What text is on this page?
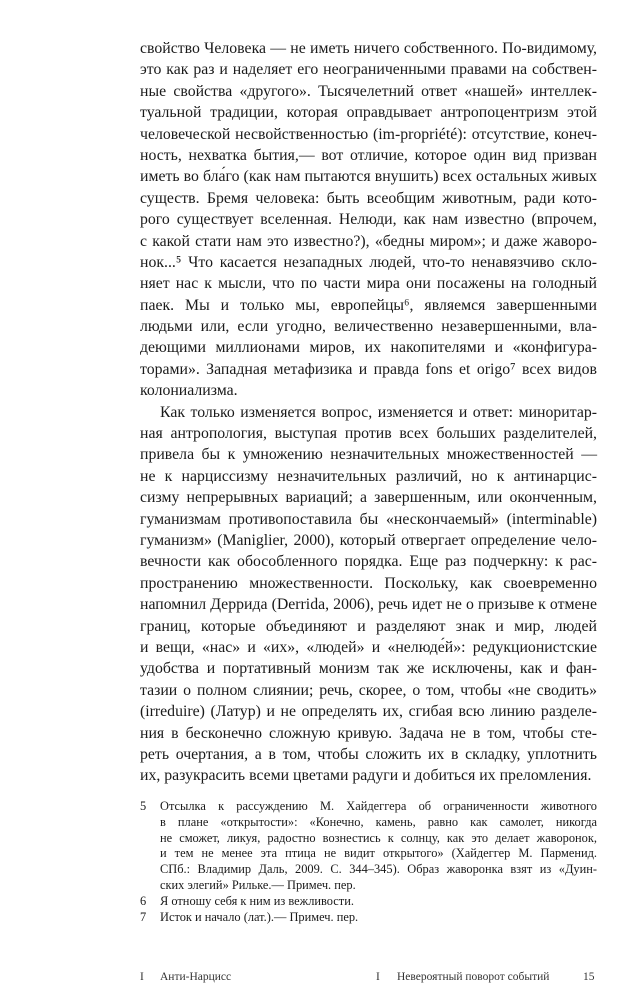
свойство Человека — не иметь ничего собственного. По-видимому,
это как раз и наделяет его неограниченными правами на собствен-
ные свойства «другого». Тысячелетний ответ «нашей» интеллек-
туальной традиции, которая оправдывает антропоцентризм этой
человеческой несвойственностью (im-propriété): отсутствие, конеч-
ность, нехватка бытия,— вот отличие, которое один вид призван
иметь во бла́го (как нам пытаются внушить) всех остальных живых
существ. Бремя человека: быть всеобщим животным, ради кото-
рого существует вселенная. Нелюди, как нам известно (впрочем,
с какой стати нам это известно?), «бедны миром»; и даже жаворо-
нок...⁵ Что касается незападных людей, что-то ненавязчиво скло-
няет нас к мысли, что по части мира они посажены на голодный
паек. Мы и только мы, европейцы⁶, являемся завершенными
людьми или, если угодно, величественно незавершенными, вла-
деющими миллионами миров, их накопителями и «конфигура-
торами». Западная метафизика и правда fons et origo⁷ всех видов
колониализма.
Как только изменяется вопрос, изменяется и ответ: миноритар-
ная антропология, выступая против всех больших разделителей,
привела бы к умножению незначительных множественностей —
не к нарциссизму незначительных различий, но к антинарцис-
сизму непрерывных вариаций; а завершенным, или оконченным,
гуманизмам противопоставила бы «нескончаемый» (interminable)
гуманизм» (Maniglier, 2000), который отвергает определение чело-
вечности как обособленного порядка. Еще раз подчеркну: к рас-
пространению множественности. Поскольку, как своевременно
напомнил Деррида (Derrida, 2006), речь идет не о призыве к отмене
границ, которые объединяют и разделяют знак и мир, людей
и вещи, «нас» и «их», «людей» и «нелюде́й»: редукционистские
удобства и портативный монизм так же исключены, как и фан-
тазии о полном слиянии; речь, скорее, о том, чтобы «не сводить»
(irreduire) (Латур) и не определять их, сгибая всю линию разделе-
ния в бесконечно сложную кривую. Задача не в том, чтобы сте-
реть очертания, а в том, чтобы сложить их в складку, уплотнить
их, разукрасить всеми цветами радуги и добиться их преломления.
5	Отсылка к рассуждению М. Хайдеггера об ограниченности животного
в плане «открытости»: «Конечно, камень, равно как самолет, никогда
не сможет, ликуя, радостно вознестись к солнцу, как это делает жаворонок,
и тем не менее эта птица не видит открытого» (Хайдеггер М. Парменид.
СПб.: Владимир Даль, 2009. С. 344–345). Образ жаворонка взят из «Дуин-
ских элегий» Рильке.— Примеч. пер.
6	Я отношу себя к ним из вежливости.
7	Исток и начало (лат.).— Примеч. пер.
I Анти-Нарцисс	I Невероятный поворот событий	15
